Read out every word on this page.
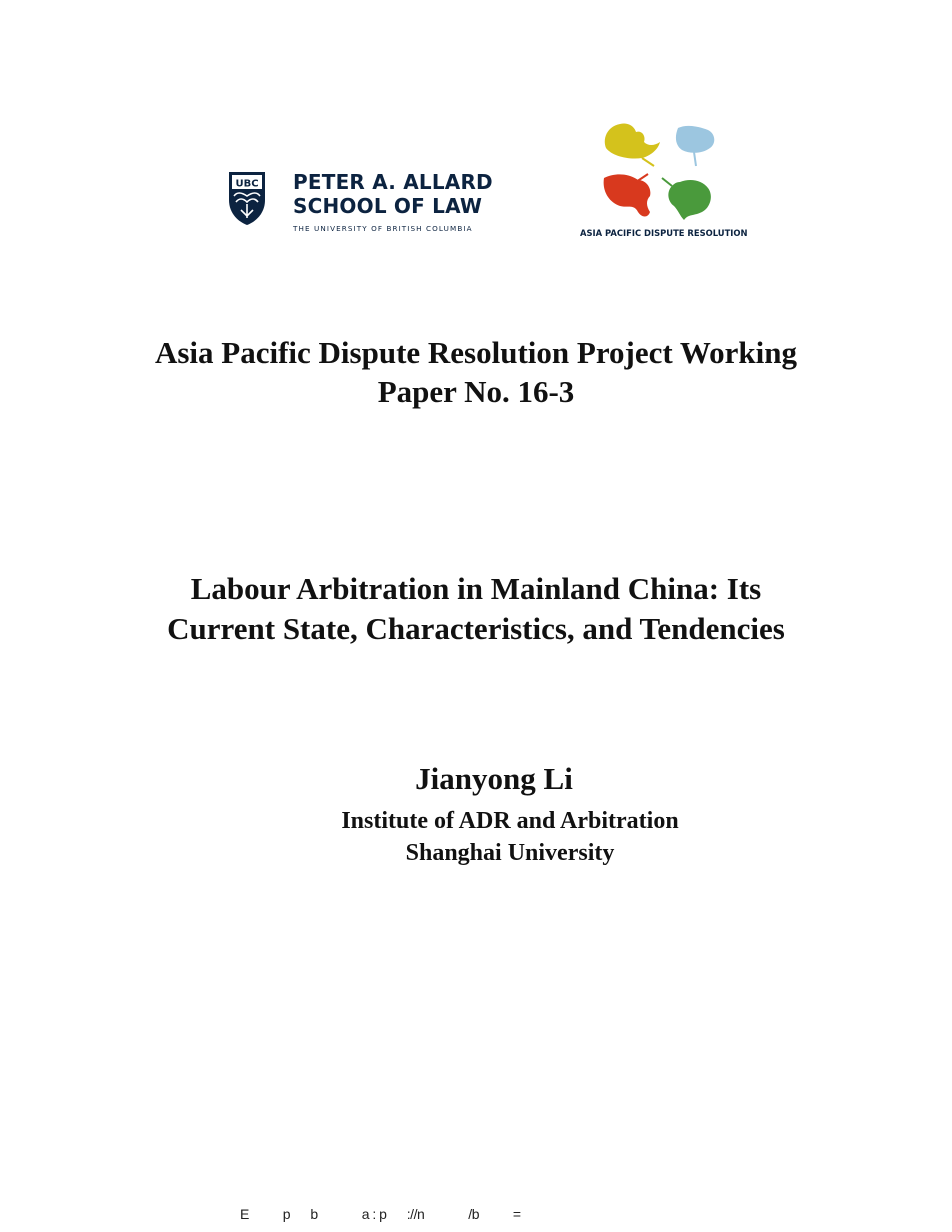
UBC PETER A. ALLARD
SCHOOL OF LAW
THE UNIVERSITY OF BRITISH COLUMBIA	ASIA PACIFIC DISPUTE RESOLUTION
Asia Pacific Dispute Resolution Project Working
Paper No. 16-3
Labour Arbitration in Mainland China: Its
Current State, Characteristics, and Tendencies
Jianyong Li
Institute of ADR and Arbitration
Shanghai University
E          p      b             a : p      ://n             /b          =
